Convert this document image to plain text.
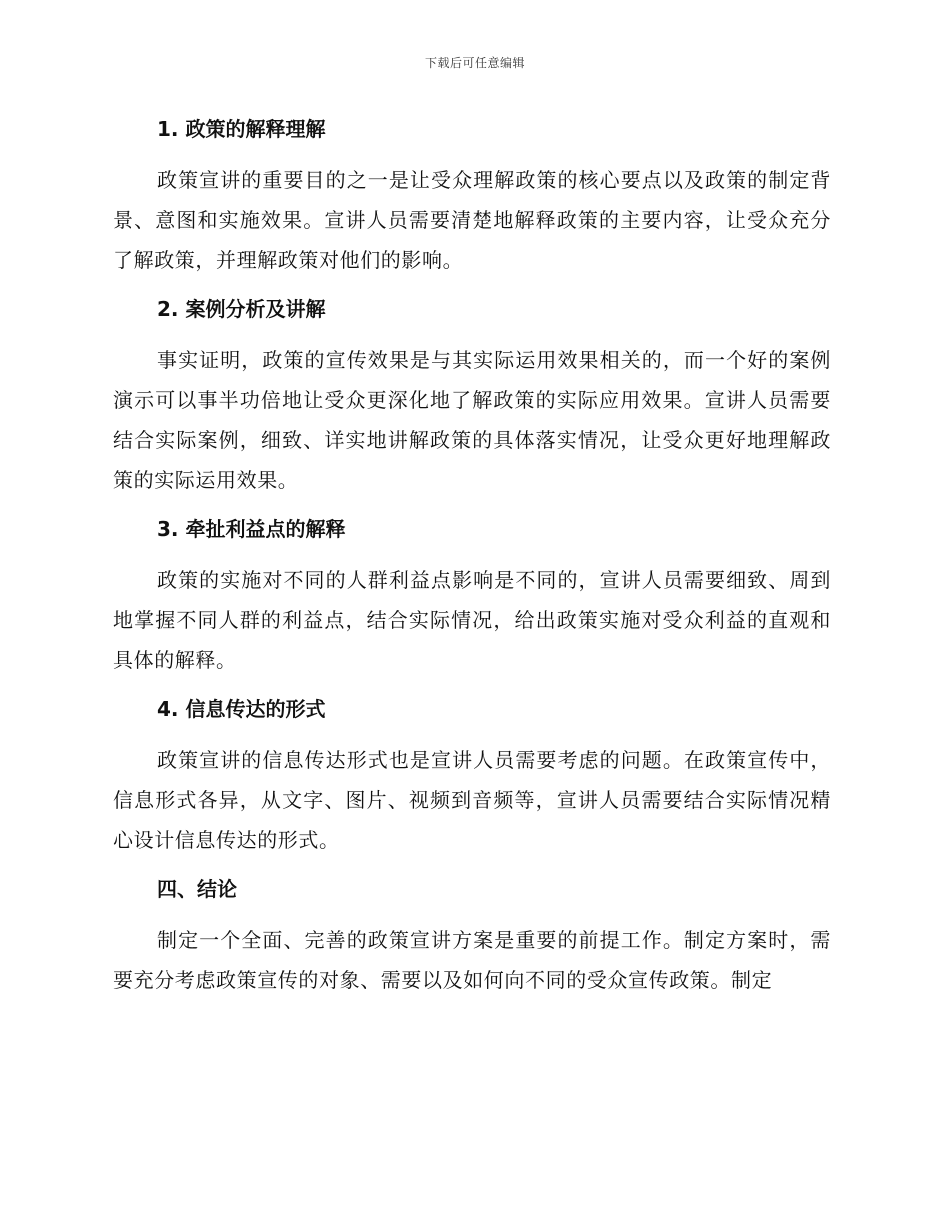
下载后可任意编辑
1. 政策的解释理解
政策宣讲的重要目的之一是让受众理解政策的核心要点以及政策的制定背景、意图和实施效果。宣讲人员需要清楚地解释政策的主要内容，让受众充分了解政策，并理解政策对他们的影响。
2. 案例分析及讲解
事实证明，政策的宣传效果是与其实际运用效果相关的，而一个好的案例演示可以事半功倍地让受众更深化地了解政策的实际应用效果。宣讲人员需要结合实际案例，细致、详实地讲解政策的具体落实情况，让受众更好地理解政策的实际运用效果。
3. 牵扯利益点的解释
政策的实施对不同的人群利益点影响是不同的，宣讲人员需要细致、周到地掌握不同人群的利益点，结合实际情况，给出政策实施对受众利益的直观和具体的解释。
4. 信息传达的形式
政策宣讲的信息传达形式也是宣讲人员需要考虑的问题。在政策宣传中，信息形式各异，从文字、图片、视频到音频等，宣讲人员需要结合实际情况精心设计信息传达的形式。
四、结论
制定一个全面、完善的政策宣讲方案是重要的前提工作。制定方案时，需要充分考虑政策宣传的对象、需要以及如何向不同的受众宣传政策。制定
